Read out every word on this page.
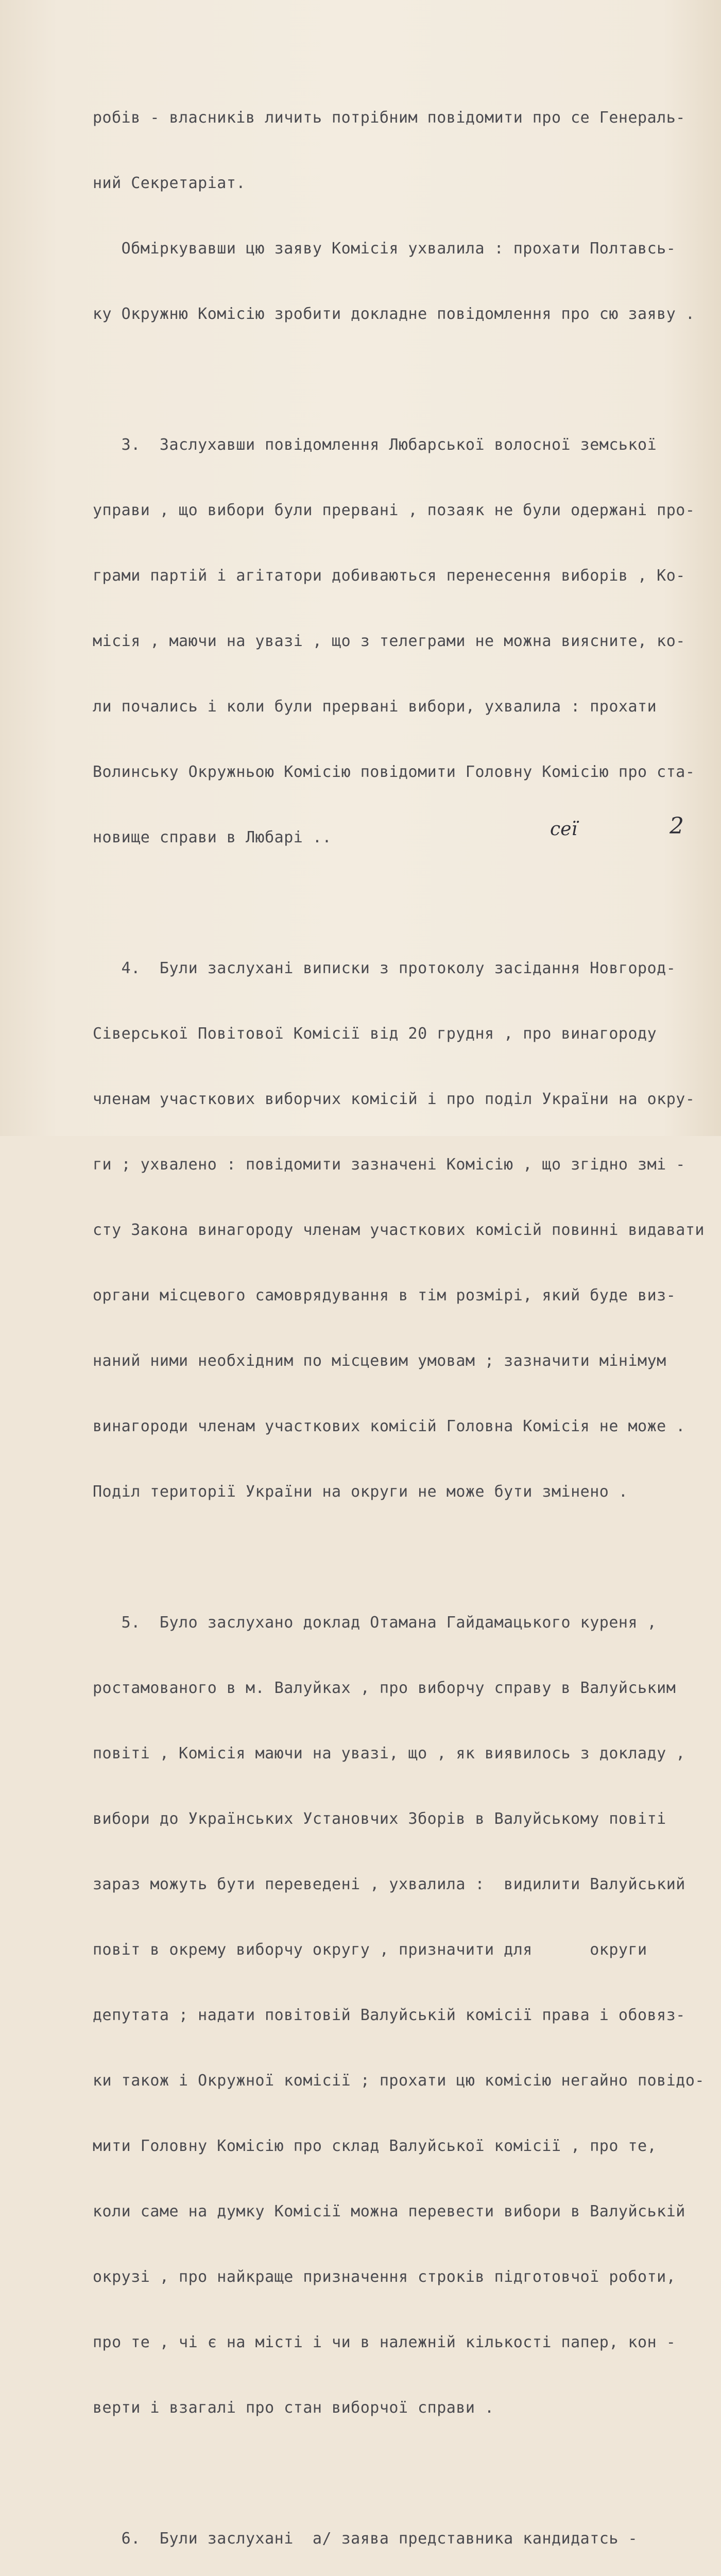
робів - власників личить потрібним повідомити про се Генераль-

ний Секретаріат.

Обміркувавши цю заяву Комісія ухвалила : прохати Полтавсь-

ку Окружню Комісію зробити докладне повідомлення про сю заяву .

3.  Заслухавши повідомлення Любарської волосної земської

управи , що вибори були прервані , позаяк не були одержані про-

грами партій і агітатори добиваються перенесення виборів , Ко-

місія , маючи на увазі , що з телеграми не можна виясните, ко-

ли почались і коли були прервані вибори, ухвалила : прохати

Волинську Окружньою Комісію повідомити Головну Комісію про ста-

новище справи в Любарі ..

4.  Були заслухані виписки з протоколу засідання Новгород-

Сіверської Повітової Комісії від 20 грудня , про винагороду

членам участкових виборчих комісій і про поділ України на окру-

ги ; ухвалено : повідомити зазначені Комісію , що згідно змі -

сту Закона винагороду членам участкових комісій повинні видавати

органи місцевого самоврядування в тім розмірі, який буде виз-

наний ними необхідним по місцевим умовам ; зазначити мінімум

винагороди членам участкових комісій Головна Комісія не може .

Поділ території України на округи не може бути змінено .

5.  Було заслухано доклад Отамана Гайдамацького куреня ,

ростамованого в м. Валуйках , про виборчу справу в Валуйським

повіті , Комісія маючи на увазі, що , як виявилось з докладу ,

вибори до Українських Установчих Зборів в Валуйському повіті

зараз можуть бути переведені , ухвалила :  видилити Валуйський

повіт в окрему виборчу округу , призначити для      округи

депутата ; надати повітовій Валуйській комісії права і обовяз-

ки також і Окружної комісії ; прохати цю комісію негайно повідо-

мити Головну Комісію про склад Валуйської комісії , про те,

коли саме на думку Комісії можна перевести вибори в Валуйській

окрузі , про найкраще призначення строків підготовчої роботи,

про те , чі є на місті і чи в належній кількості папер, кон -

верти і взагалі про стан виборчої справи .

6.  Були заслухані  а/ заява представника кандидатсь -

сеї	2
